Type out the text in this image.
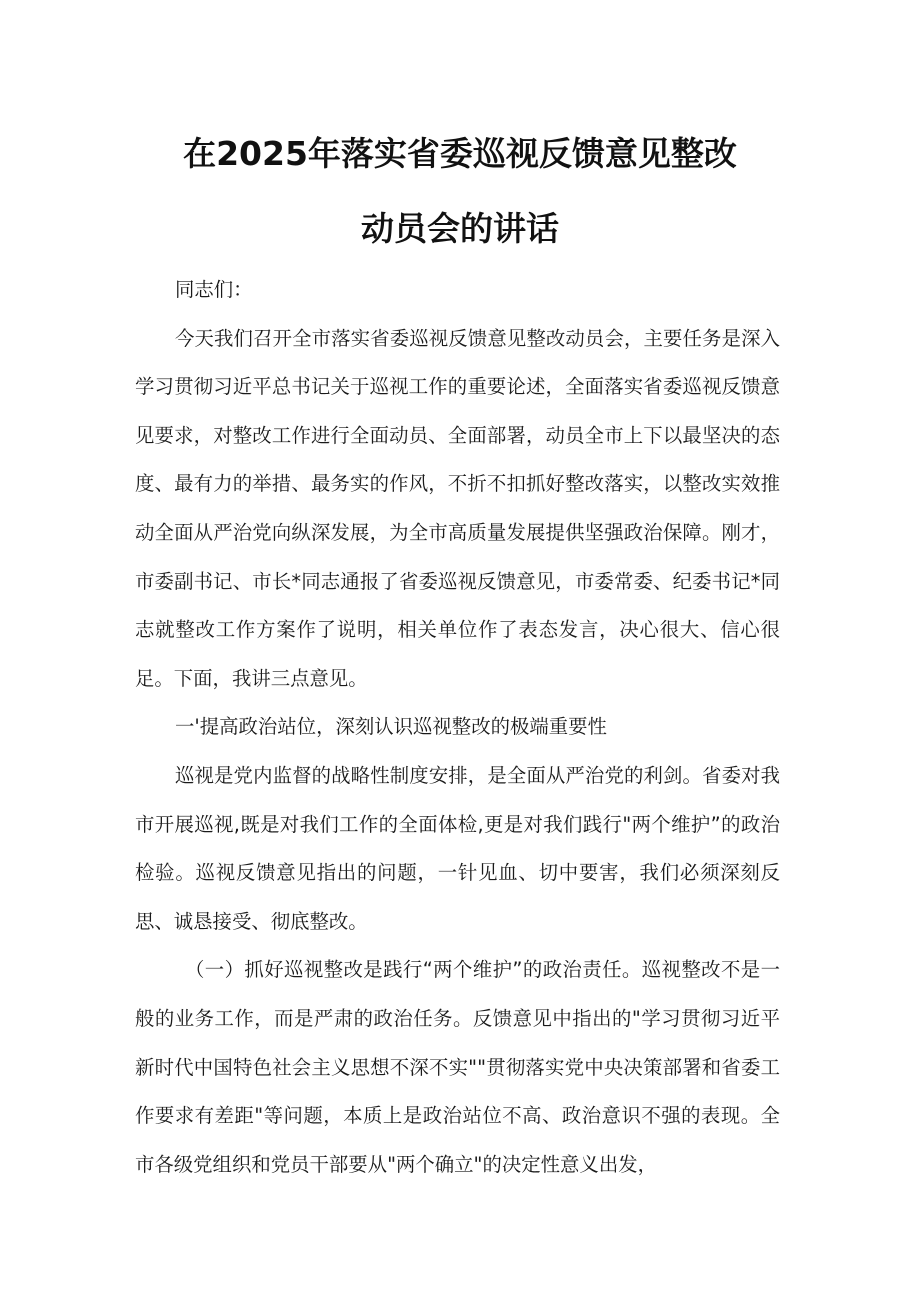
在2025年落实省委巡视反馈意见整改
动员会的讲话

同志们：

今天我们召开全市落实省委巡视反馈意见整改动员会，主要任务是深入学习贯彻习近平总书记关于巡视工作的重要论述，全面落实省委巡视反馈意见要求，对整改工作进行全面动员、全面部署，动员全市上下以最坚决的态度、最有力的举措、最务实的作风，不折不扣抓好整改落实，以整改实效推动全面从严治党向纵深发展，为全市高质量发展提供坚强政治保障。刚才，市委副书记、市长*同志通报了省委巡视反馈意见，市委常委、纪委书记*同志就整改工作方案作了说明，相关单位作了表态发言，决心很大、信心很足。下面，我讲三点意见。

一'提高政治站位，深刻认识巡视整改的极端重要性

巡视是党内监督的战略性制度安排，是全面从严治党的利剑。省委对我市开展巡视,既是对我们工作的全面体检,更是对我们践行"两个维护”的政治检验。巡视反馈意见指出的问题，一针见血、切中要害，我们必须深刻反思、诚恳接受、彻底整改。

（一）抓好巡视整改是践行“两个维护”的政治责任。巡视整改不是一般的业务工作，而是严肃的政治任务。反馈意见中指出的"学习贯彻习近平新时代中国特色社会主义思想不深不实""贯彻落实党中央决策部署和省委工作要求有差距"等问题，本质上是政治站位不高、政治意识不强的表现。全市各级党组织和党员干部要从"两个确立"的决定性意义出发，
